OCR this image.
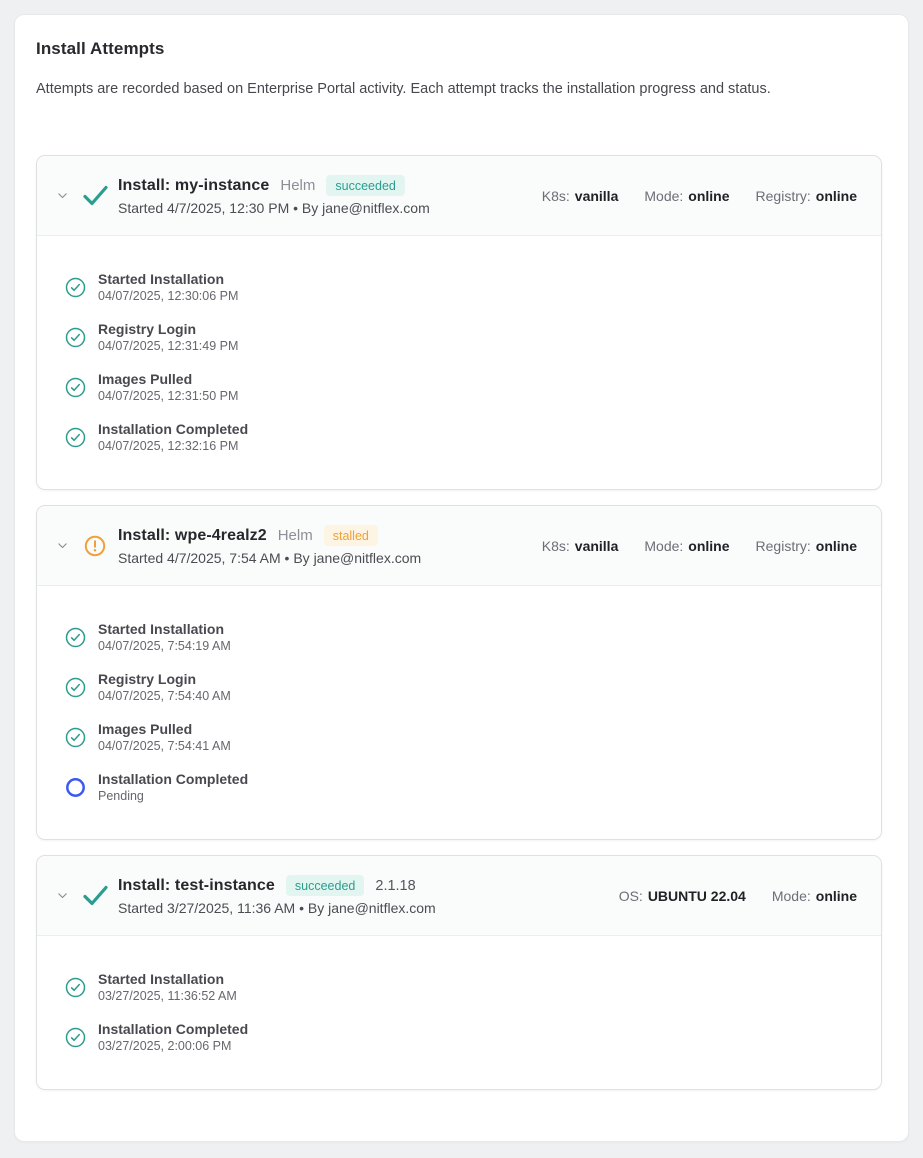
Install Attempts

Attempts are recorded based on Enterprise Portal activity. Each attempt tracks the installation progress and status.

Install: my-instance Helm	succeeded
Started 4/7/2025, 12:30 PM • By jane@nitflex.com
K8s: vanilla Mode: online Registry: online
Started Installation
04/07/2025, 12:30:06 PM
Registry Login
04/07/2025, 12:31:49 PM
Images Pulled
04/07/2025, 12:31:50 PM
Installation Completed
04/07/2025, 12:32:16 PM
Install: wpe-4realz2 Helm	stalled
Started 4/7/2025, 7:54 AM • By jane@nitflex.com
K8s: vanilla Mode: online Registry: online
Started Installation
04/07/2025, 7:54:19 AM
Registry Login
04/07/2025, 7:54:40 AM
Images Pulled
04/07/2025, 7:54:41 AM
Installation Completed
Pending
Install: test-instance	succeeded	2.1.18
Started 3/27/2025, 11:36 AM • By jane@nitflex.com
OS: UBUNTU 22.04 Mode: online
Started Installation
03/27/2025, 11:36:52 AM
Installation Completed
03/27/2025, 2:00:06 PM
